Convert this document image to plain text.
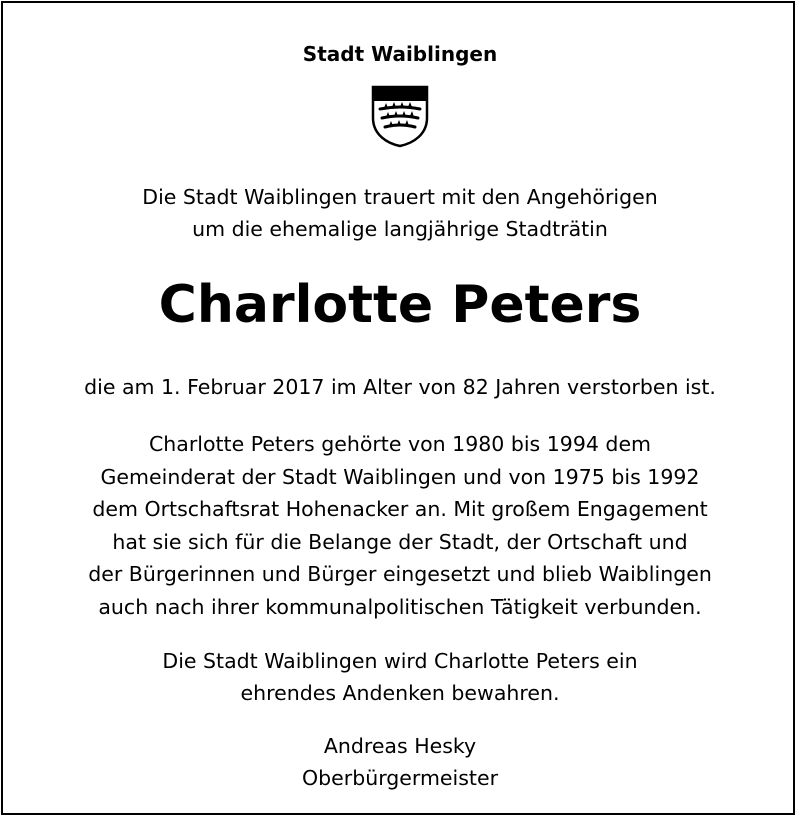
Stadt Waiblingen
Die Stadt Waiblingen trauert mit den Angehörigen
um die ehemalige langjährige Stadträtin
Charlotte Peters
die am 1. Februar 2017 im Alter von 82 Jahren verstorben ist.
Charlotte Peters gehörte von 1980 bis 1994 dem
Gemeinderat der Stadt Waiblingen und von 1975 bis 1992
dem Ortschaftsrat Hohenacker an. Mit großem Engagement
hat sie sich für die Belange der Stadt, der Ortschaft und
der Bürgerinnen und Bürger eingesetzt und blieb Waiblingen
auch nach ihrer kommunalpolitischen Tätigkeit verbunden.
Die Stadt Waiblingen wird Charlotte Peters ein
ehrendes Andenken bewahren.
Andreas Hesky
Oberbürgermeister
